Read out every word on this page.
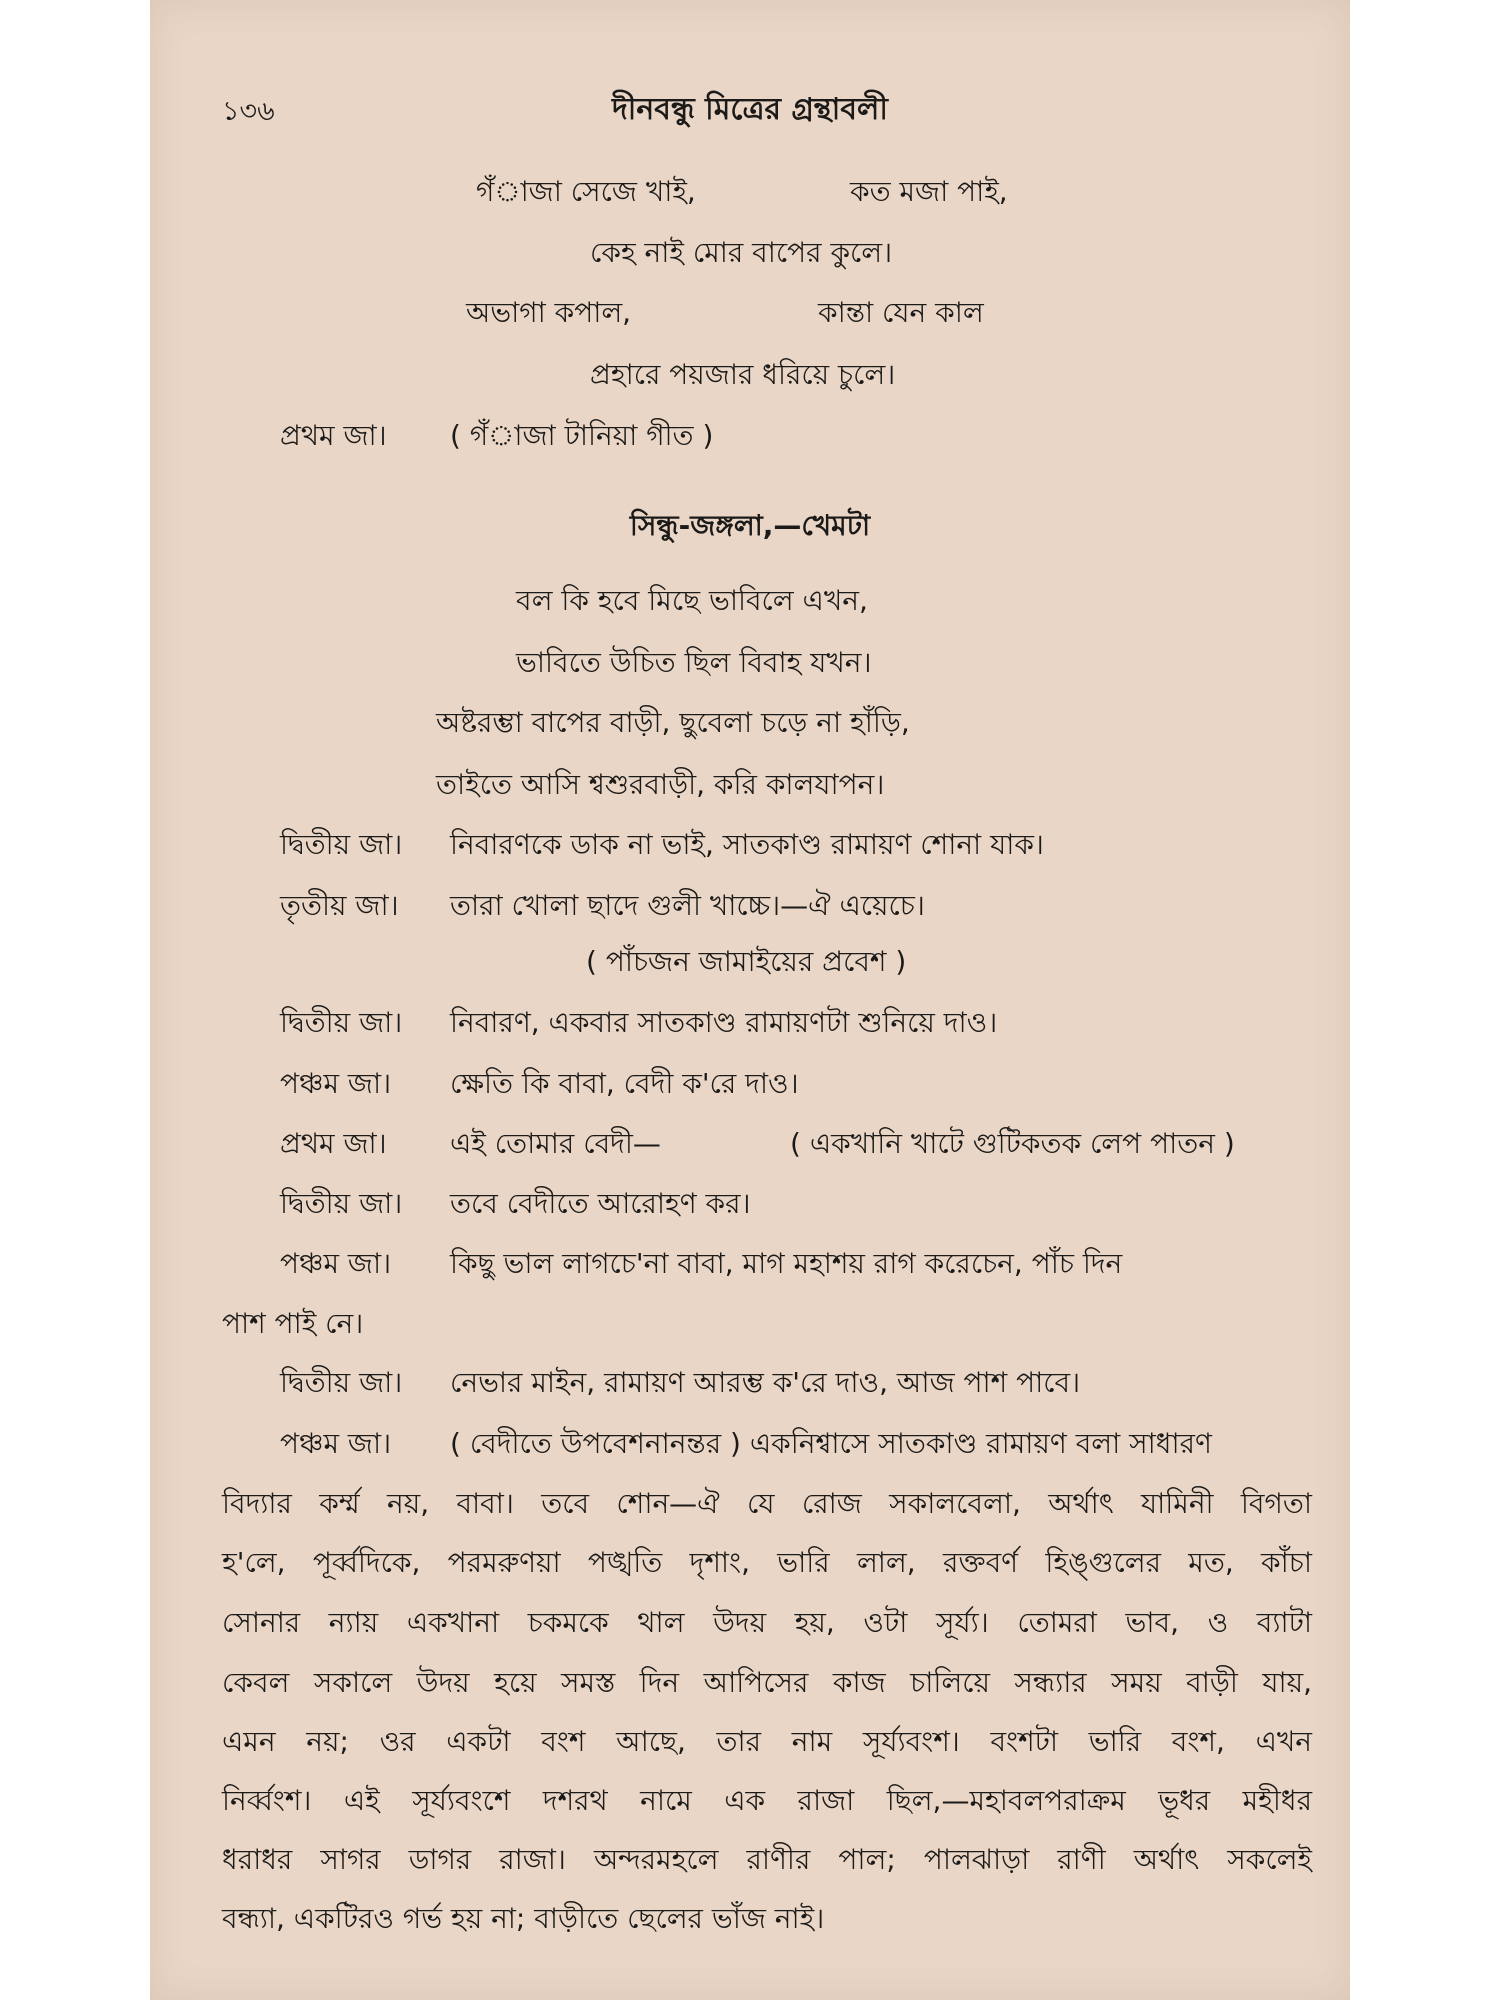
১৩৬	দীনবন্ধু মিত্রের গ্রন্থাবলী
গঁাজা সেজে খাই,	কত মজা পাই,
কেহ নাই মোর বাপের কুলে।
অভাগা কপাল,	কান্তা যেন কাল
প্রহারে পয়জার ধরিয়ে চুলে।
প্রথম জা। ( গঁাজা টানিয়া গীত )
সিন্ধু-জঙ্গলা,—খেমটা
বল কি হবে মিছে ভাবিলে এখন,
ভাবিতে উচিত ছিল বিবাহ যখন।
অষ্টরম্ভা বাপের বাড়ী, ছুবেলা চড়ে না হাঁড়ি,
তাইতে আসি শ্বশুরবাড়ী, করি কালযাপন।
দ্বিতীয় জা। নিবারণকে ডাক না ভাই, সাতকাণ্ড রামায়ণ শোনা যাক।
তৃতীয় জা। তারা খোলা ছাদে গুলী খাচ্চে।—ঐ এয়েচে।
( পাঁচজন জামাইয়ের প্রবেশ )
দ্বিতীয় জা। নিবারণ, একবার সাতকাণ্ড রামায়ণটা শুনিয়ে দাও।
পঞ্চম জা। ক্ষেতি কি বাবা, বেদী ক'রে দাও।
প্রথম জা। এই তোমার বেদী—	( একখানি খাটে গুটিকতক লেপ পাতন )
দ্বিতীয় জা। তবে বেদীতে আরোহণ কর।
পঞ্চম জা। কিছু ভাল লাগচে'না বাবা, মাগ মহাশয় রাগ করেচেন, পাঁচ দিন
পাশ পাই নে।
দ্বিতীয় জা। নেভার মাইন, রামায়ণ আরম্ভ ক'রে দাও, আজ পাশ পাবে।
পঞ্চম জা। ( বেদীতে উপবেশনানন্তর ) একনিশ্বাসে সাতকাণ্ড রামায়ণ বলা সাধারণ
বিদ্যার কর্ম্ম নয়, বাবা। তবে শোন—ঐ যে রোজ সকালবেলা, অর্থাৎ যামিনী বিগতা
হ'লে, পূর্ব্বদিকে, পরমরুণয়া পঙ্খতি দৃশাং, ভারি লাল, রক্তবর্ণ হিঙ্গুলের মত, কাঁচা
সোনার ন্যায় একখানা চকমকে থাল উদয় হয়, ওটা সূর্য্য। তোমরা ভাব, ও ব্যাটা
কেবল সকালে উদয় হয়ে সমস্ত দিন আপিসের কাজ চালিয়ে সন্ধ্যার সময় বাড়ী যায়,
এমন নয়; ওর একটা বংশ আছে, তার নাম সূর্য্যবংশ। বংশটা ভারি বংশ, এখন
নির্ব্বংশ। এই সূর্য্যবংশে দশরথ নামে এক রাজা ছিল,—মহাবলপরাক্রম ভূধর মহীধর
ধরাধর সাগর ডাগর রাজা। অন্দরমহলে রাণীর পাল; পালঝাড়া রাণী অর্থাৎ সকলেই
বন্ধ্যা, একটিরও গর্ভ হয় না; বাড়ীতে ছেলের ভাঁজ নাই।
